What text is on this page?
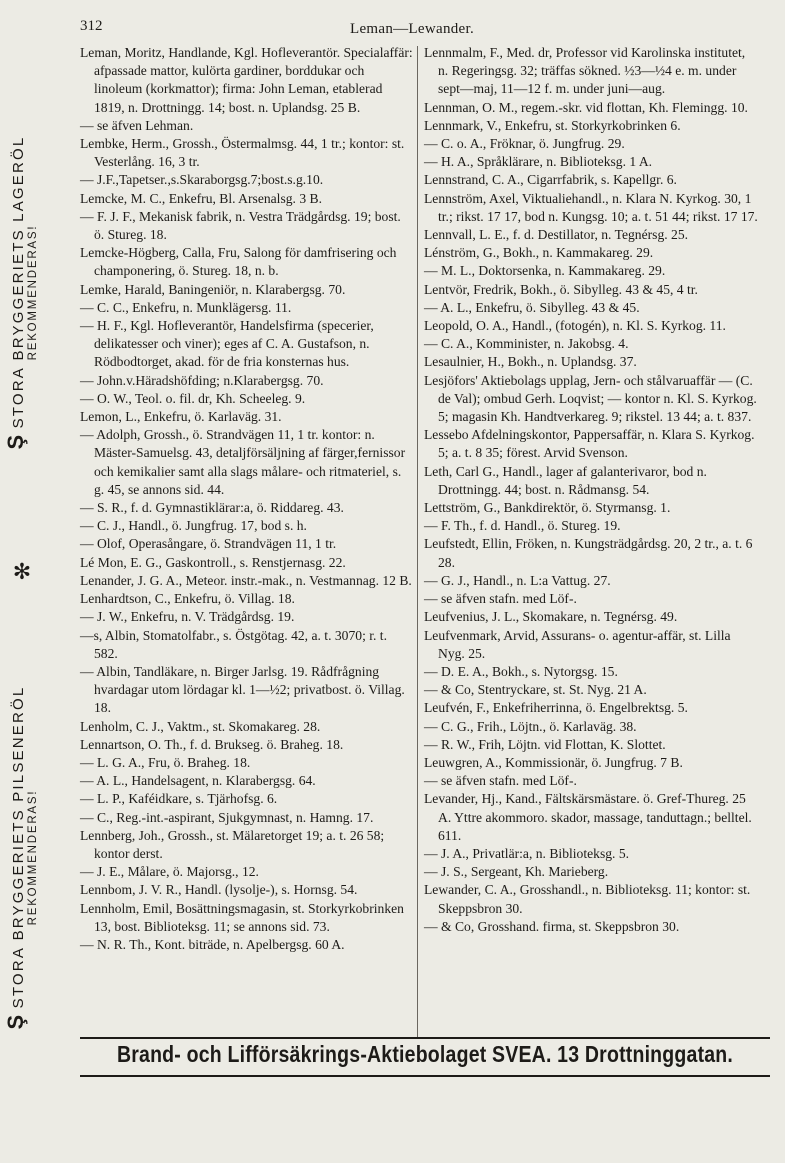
312	Leman—Lewander.
Ş STORA BRYGGERIETS LAGERÖL REKOMMENDERAS!
✻
Ş STORA BRYGGERIETS PILSENERÖL REKOMMENDERAS!
Leman, Moritz, Handlande, Kgl. Hofleverantör. Specialaffär: afpassade mattor, kulörta gardiner, borddukar och linoleum (korkmattor); firma: John Leman, etablerad 1819, n. Drottningg. 14; bost. n. Uplandsg. 25 B.
— se äfven Lehman.
Lembke, Herm., Grossh., Östermalmsg. 44, 1 tr.; kontor: st. Vesterlång. 16, 3 tr.
— J.F.,Tapetser.,s.Skaraborgsg.7;bost.s.g.10.
Lemcke, M. C., Enkefru, Bl. Arsenalsg. 3 B.
— F. J. F., Mekanisk fabrik, n. Vestra Trädgårdsg. 19; bost. ö. Stureg. 18.
Lemcke-Högberg, Calla, Fru, Salong för damfrisering och champonering, ö. Stureg. 18, n. b.
Lemke, Harald, Baningeniör, n. Klarabergsg. 70.
— C. C., Enkefru, n. Munklägersg. 11.
— H. F., Kgl. Hofleverantör, Handelsfirma (specerier, delikatesser och viner); eges af C. A. Gustafson, n. Rödbodtorget, akad. för de fria konsternas hus.
— John.v.Häradshöfding; n.Klarabergsg. 70.
— O. W., Teol. o. fil. dr, Kh. Scheeleg. 9.
Lemon, L., Enkefru, ö. Karlaväg. 31.
— Adolph, Grossh., ö. Strandvägen 11, 1 tr. kontor: n. Mäster-Samuelsg. 43, detaljförsäljning af färger,fernissor och kemikalier samt alla slags målare- och ritmateriel, s. g. 45, se annons sid. 44.
— S. R., f. d. Gymnastiklärar:a, ö. Riddareg. 43.
— C. J., Handl., ö. Jungfrug. 17, bod s. h.
— Olof, Operasångare, ö. Strandvägen 11, 1 tr.
Lé Mon, E. G., Gaskontroll., s. Renstjernasg. 22.
Lenander, J. G. A., Meteor. instr.-mak., n. Vestmannag. 12 B.
Lenhardtson, C., Enkefru, ö. Villag. 18.
— J. W., Enkefru, n. V. Trädgårdsg. 19.
—s, Albin, Stomatolfabr., s. Östgötag. 42, a. t. 3070; r. t. 582.
— Albin, Tandläkare, n. Birger Jarlsg. 19. Rådfrågning hvardagar utom lördagar kl. 1—½2; privatbost. ö. Villag. 18.
Lenholm, C. J., Vaktm., st. Skomakareg. 28.
Lennartson, O. Th., f. d. Brukseg. ö. Braheg. 18.
— L. G. A., Fru, ö. Braheg. 18.
— A. L., Handelsagent, n. Klarabergsg. 64.
— L. P., Kaféidkare, s. Tjärhofsg. 6.
— C., Reg.-int.-aspirant, Sjukgymnast, n. Hamng. 17.
Lennberg, Joh., Grossh., st. Mälaretorget 19; a. t. 26 58; kontor derst.
— J. E., Målare, ö. Majorsg., 12.
Lennbom, J. V. R., Handl. (lysolje-), s. Hornsg. 54.
Lennholm, Emil, Bosättningsmagasin, st. Storkyrkobrinken 13, bost. Biblioteksg. 11; se annons sid. 73.
— N. R. Th., Kont. biträde, n. Apelbergsg. 60 A.
Lennmalm, F., Med. dr, Professor vid Karolinska institutet, n. Regeringsg. 32; träffas sökned. ½3—½4 e. m. under sept—maj, 11—12 f. m. under juni—aug.
Lennman, O. M., regem.-skr. vid flottan, Kh. Flemingg. 10.
Lennmark, V., Enkefru, st. Storkyrkobrinken 6.
— C. o. A., Fröknar, ö. Jungfrug. 29.
— H. A., Språklärare, n. Biblioteksg. 1 A.
Lennstrand, C. A., Cigarrfabrik, s. Kapellgr. 6.
Lennström, Axel, Viktualiehandl., n. Klara N. Kyrkog. 30, 1 tr.; rikst. 17 17, bod n. Kungsg. 10; a. t. 51 44; rikst. 17 17.
Lennvall, L. E., f. d. Destillator, n. Tegnérsg. 25.
Lénström, G., Bokh., n. Kammakareg. 29.
— M. L., Doktorsenka, n. Kammakareg. 29.
Lentvör, Fredrik, Bokh., ö. Sibylleg. 43 & 45, 4 tr.
— A. L., Enkefru, ö. Sibylleg. 43 & 45.
Leopold, O. A., Handl., (fotogén), n. Kl. S. Kyrkog. 11.
— C. A., Komminister, n. Jakobsg. 4.
Lesaulnier, H., Bokh., n. Uplandsg. 37.
Lesjöfors' Aktiebolags upplag, Jern- och stålvaruaffär — (C. de Val); ombud Gerh. Loqvist; — kontor n. Kl. S. Kyrkog. 5; magasin Kh. Handtverkareg. 9; rikstel. 13 44; a. t. 837.
Lessebo Afdelningskontor, Pappersaffär, n. Klara S. Kyrkog. 5; a. t. 8 35; förest. Arvid Svenson.
Leth, Carl G., Handl., lager af galanterivaror, bod n. Drottningg. 44; bost. n. Rådmansg. 54.
Lettström, G., Bankdirektör, ö. Styrmansg. 1.
— F. Th., f. d. Handl., ö. Stureg. 19.
Leufstedt, Ellin, Fröken, n. Kungsträdgårdsg. 20, 2 tr., a. t. 6 28.
— G. J., Handl., n. L:a Vattug. 27.
— se äfven stafn. med Löf-.
Leufvenius, J. L., Skomakare, n. Tegnérsg. 49.
Leufvenmark, Arvid, Assurans- o. agentur-affär, st. Lilla Nyg. 25.
— D. E. A., Bokh., s. Nytorgsg. 15.
— & Co, Stentryckare, st. St. Nyg. 21 A.
Leufvén, F., Enkefriherrinna, ö. Engelbrektsg. 5.
— C. G., Frih., Löjtn., ö. Karlaväg. 38.
— R. W., Frih, Löjtn. vid Flottan, K. Slottet.
Leuwgren, A., Kommissionär, ö. Jungfrug. 7 B.
— se äfven stafn. med Löf-.
Levander, Hj., Kand., Fältskärsmästare. ö. Gref-Thureg. 25 A. Yttre akommoro. skador, massage, tanduttagn.; belltel. 611.
— J. A., Privatlär:a, n. Biblioteksg. 5.
— J. S., Sergeant, Kh. Marieberg.
Lewander, C. A., Grosshandl., n. Biblioteksg. 11; kontor: st. Skeppsbron 30.
— & Co, Grosshand. firma, st. Skeppsbron 30.
Brand- och Lifförsäkrings-Aktiebolaget SVEA. 13 Drottninggatan.
